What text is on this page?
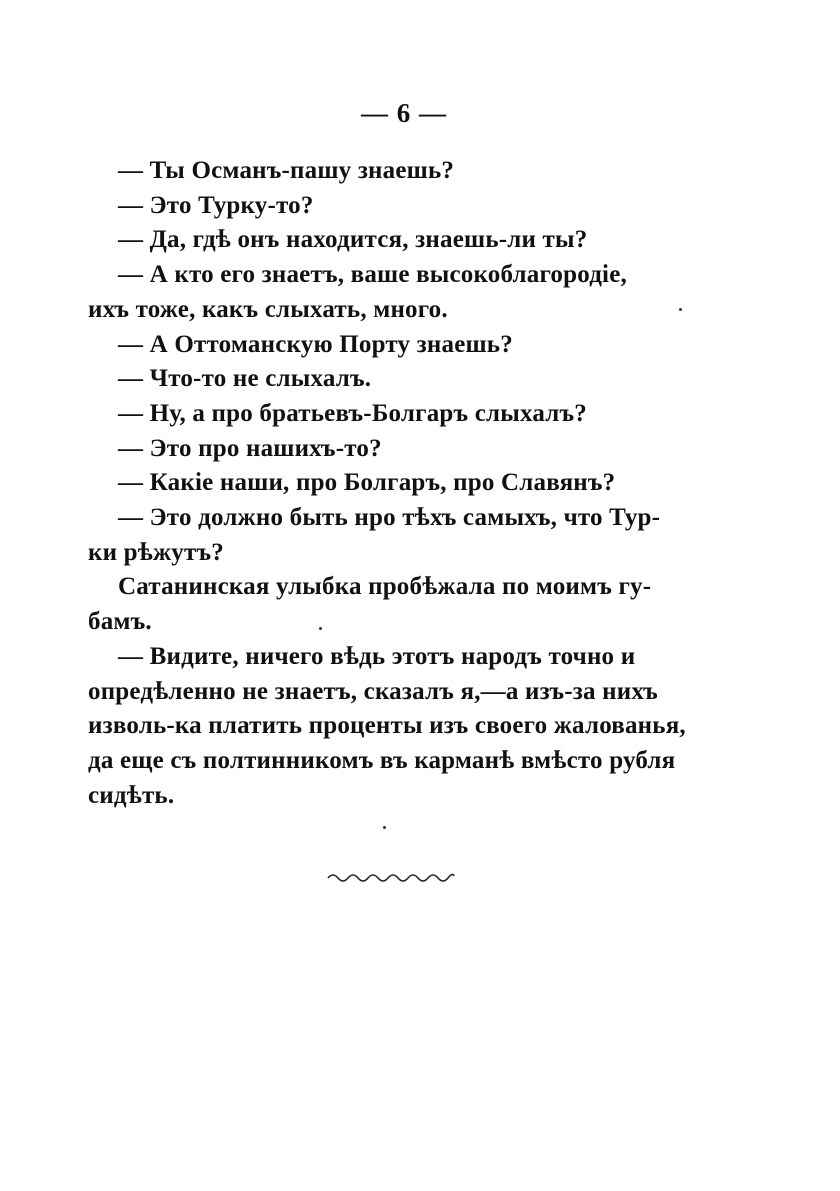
— 6 —
— Ты Османъ-пашу знаешь?
— Это Турку-то?
— Да, гдѣ онъ находится, знаешь-ли ты?
— А кто его знаетъ, ваше высокоблагородіе,
ихъ тоже, какъ слыхать, много.
— А Оттоманскую Порту знаешь?
— Что-то не слыхалъ.
— Ну, а про братьевъ-Болгаръ слыхалъ?
— Это про нашихъ-то?
— Какіе наши, про Болгаръ, про Славянъ?
— Это должно быть нро тѣхъ самыхъ, что Тур-
ки рѣжутъ?
Сатанинская улыбка пробѣжала по моимъ гу-
бамъ.
— Видите, ничего вѣдь этотъ народъ точно и
опредѣленно не знаетъ, сказалъ я,—а изъ-за нихъ
изволь-ка платить проценты изъ своего жалованья,
да еще съ полтинникомъ въ карманѣ вмѣсто рубля
сидѣть.
